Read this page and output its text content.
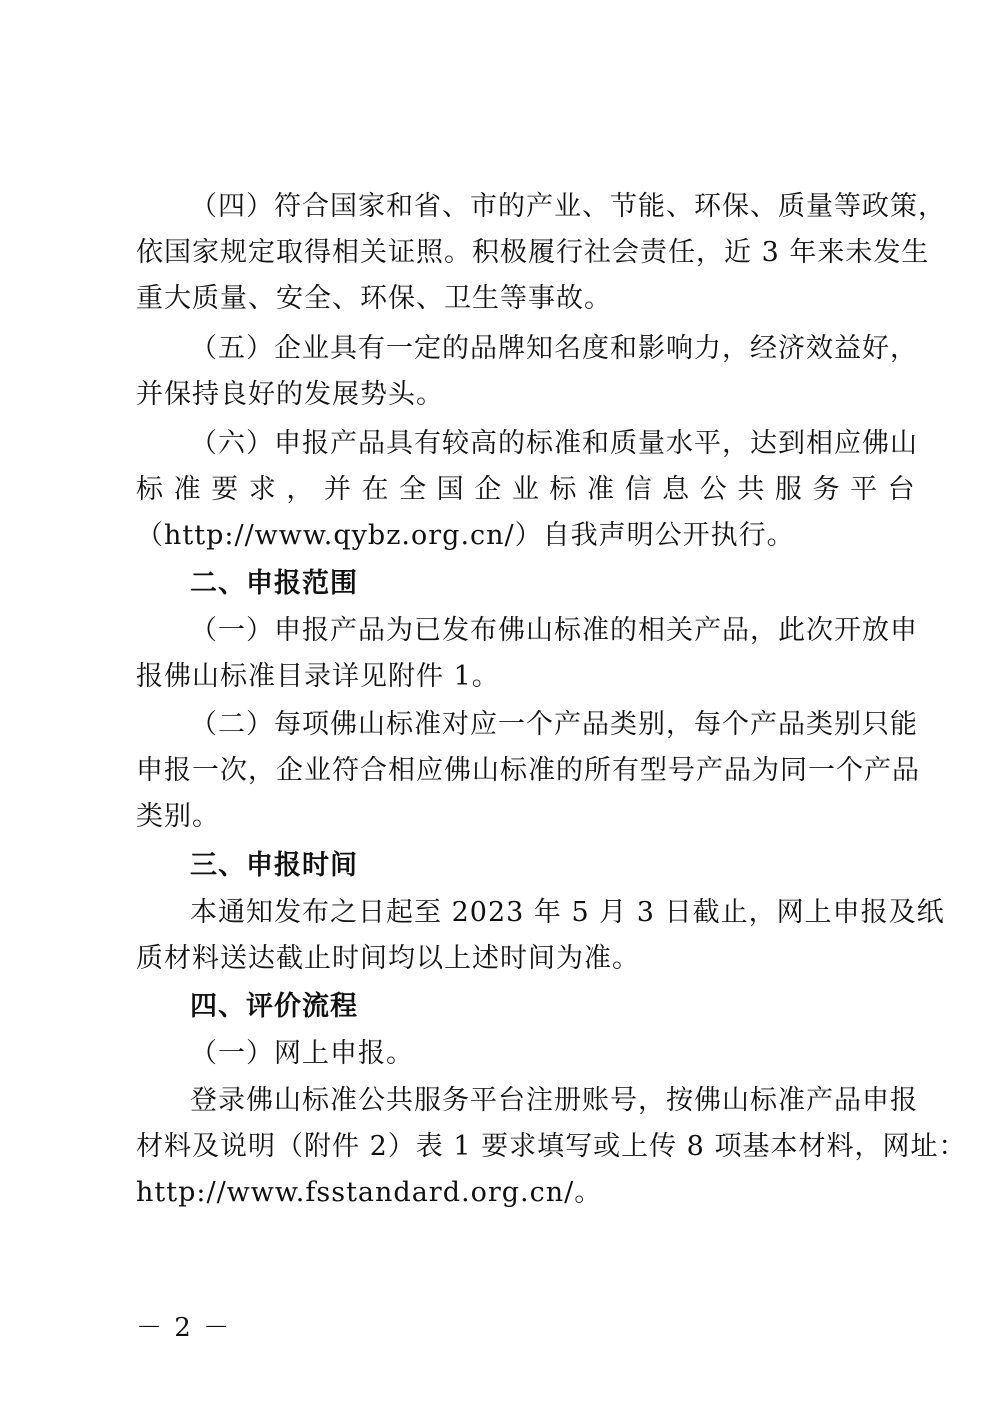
（四）符合国家和省、市的产业、节能、环保、质量等政策，
依国家规定取得相关证照。积极履行社会责任，近 3 年来未发生
重大质量、安全、环保、卫生等事故。
（五）企业具有一定的品牌知名度和影响力，经济效益好，
并保持良好的发展势头。
（六）申报产品具有较高的标准和质量水平，达到相应佛山
标 准 要 求 ， 并 在 全 国 企 业 标 准 信 息 公 共 服 务 平 台
（http://www.qybz.org.cn/）自我声明公开执行。
二、申报范围
（一）申报产品为已发布佛山标准的相关产品，此次开放申
报佛山标准目录详见附件 1。
（二）每项佛山标准对应一个产品类别，每个产品类别只能
申报一次，企业符合相应佛山标准的所有型号产品为同一个产品
类别。
三、申报时间
本通知发布之日起至 2023 年 5 月 3 日截止，网上申报及纸
质材料送达截止时间均以上述时间为准。
四、评价流程
（一）网上申报。
登录佛山标准公共服务平台注册账号，按佛山标准产品申报
材料及说明（附件 2）表 1 要求填写或上传 8 项基本材料，网址：
http://www.fsstandard.org.cn/。
－ 2 －
